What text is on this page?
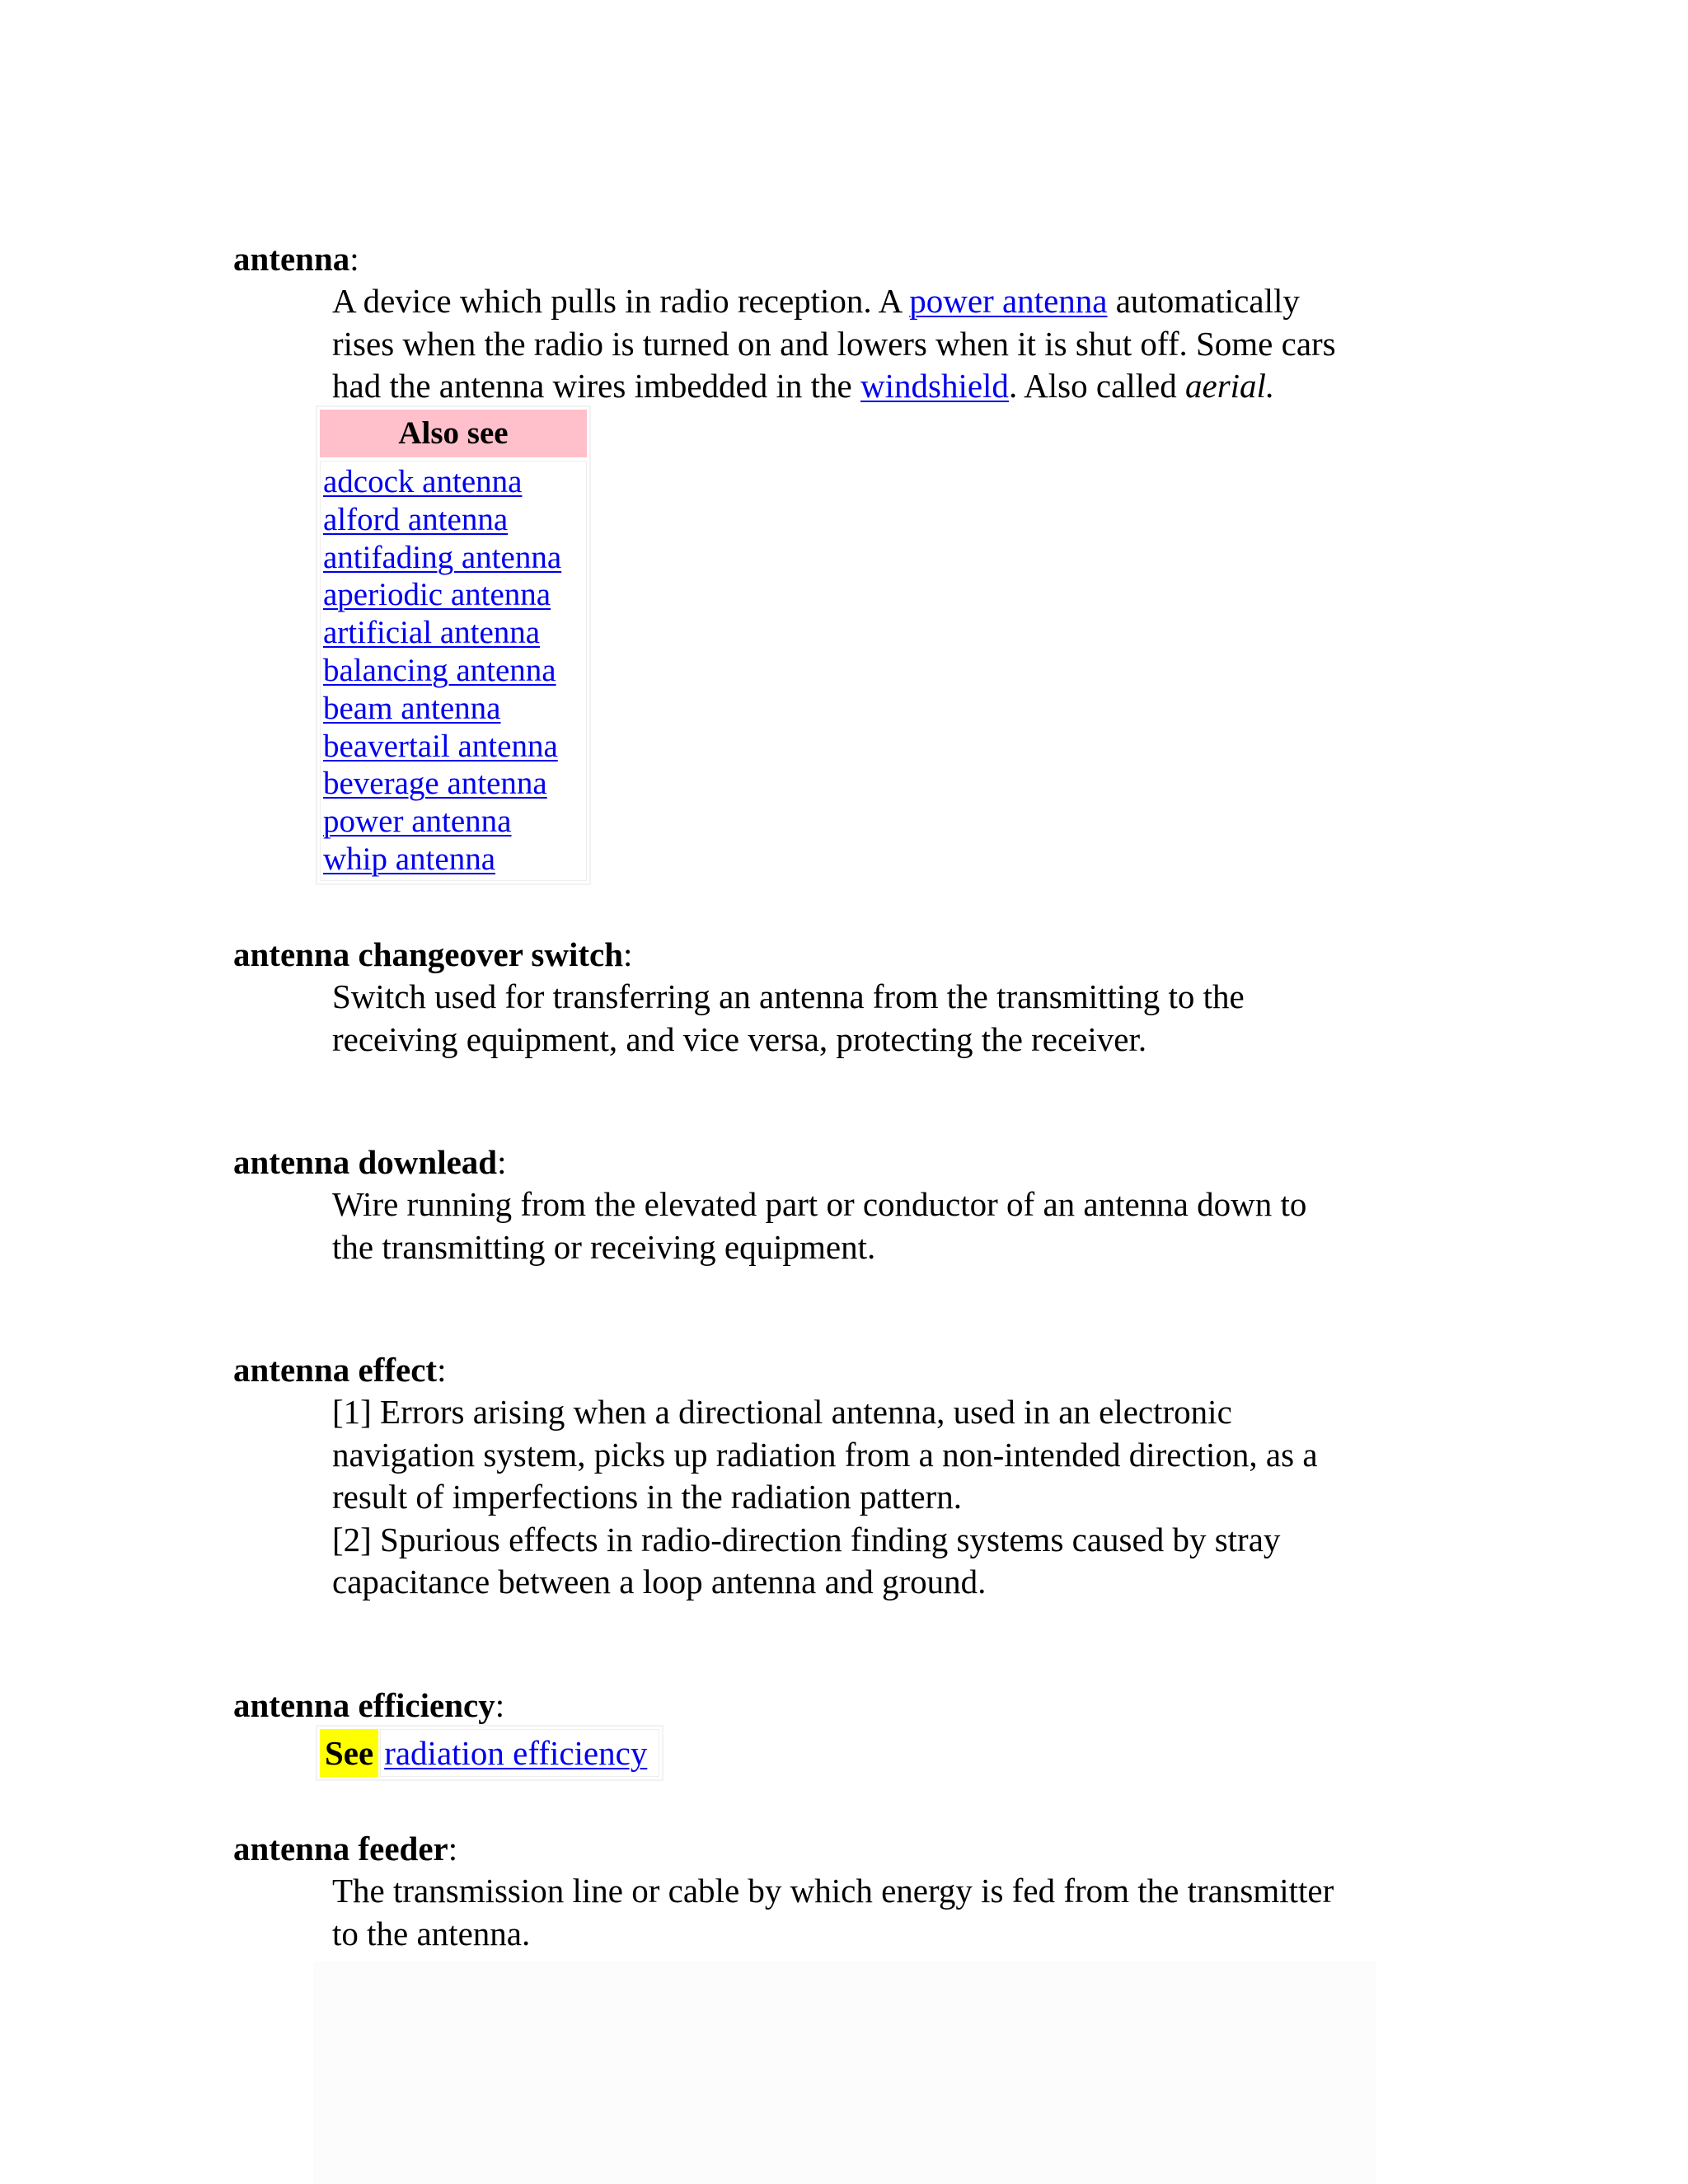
antenna:
A device which pulls in radio reception. A power antenna automatically
rises when the radio is turned on and lowers when it is shut off. Some cars
had the antenna wires imbedded in the windshield. Also called aerial.
Also see
adcock antenna
alford antenna
antifading antenna
aperiodic antenna
artificial antenna
balancing antenna
beam antenna
beavertail antenna
beverage antenna
power antenna
whip antenna
antenna changeover switch:
Switch used for transferring an antenna from the transmitting to the
receiving equipment, and vice versa, protecting the receiver.
antenna downlead:
Wire running from the elevated part or conductor of an antenna down to
the transmitting or receiving equipment.
antenna effect:
[1] Errors arising when a directional antenna, used in an electronic
navigation system, picks up radiation from a non-intended direction, as a
result of imperfections in the radiation pattern.
[2] Spurious effects in radio-direction finding systems caused by stray
capacitance between a loop antenna and ground.
antenna efficiency:
See radiation efficiency
antenna feeder:
The transmission line or cable by which energy is fed from the transmitter
to the antenna.
